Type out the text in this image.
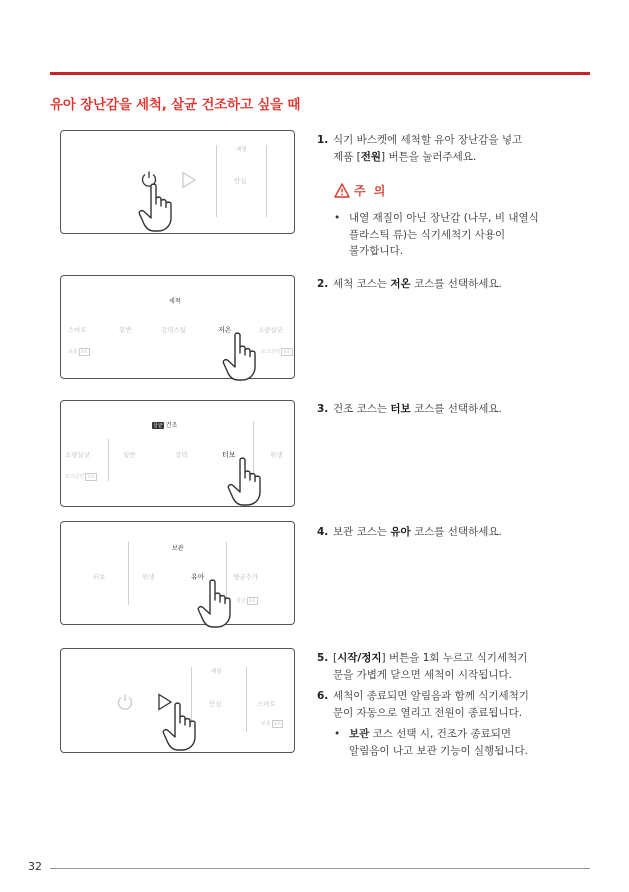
유아 장난감을 세척, 살균 건조하고 싶을 때
예열
안심
세척
스마트	일반	강력스팀	저온	소량살균
보충 3초	토크클린 3초
살균 건조
소량살균	일반	강력	터보	위생
토크클린 3초
보관
터보	위생	유아	헹굼추가
잠금 3초
예열
안심	스마트
보충 3초
1. 식기 바스켓에 세척할 유아 장난감을 넣고
제품 [전원] 버튼을 눌러주세요.
주 의
• 내열 재질이 아닌 장난감 (나무, 비 내열식
플라스틱 류)는 식기세척기 사용이
불가합니다.
2. 세척 코스는 저온 코스를 선택하세요.
3. 건조 코스는 터보 코스를 선택하세요.
4. 보관 코스는 유아 코스를 선택하세요.
5. [시작/정지] 버튼을 1회 누르고 식기세척기
문을 가볍게 닫으면 세척이 시작됩니다.
6. 세척이 종료되면 알림음과 함께 식기세척기
문이 자동으로 열리고 전원이 종료됩니다.
• 보관 코스 선택 시, 건조가 종료되면
알림음이 나고 보관 기능이 실행됩니다.
32
